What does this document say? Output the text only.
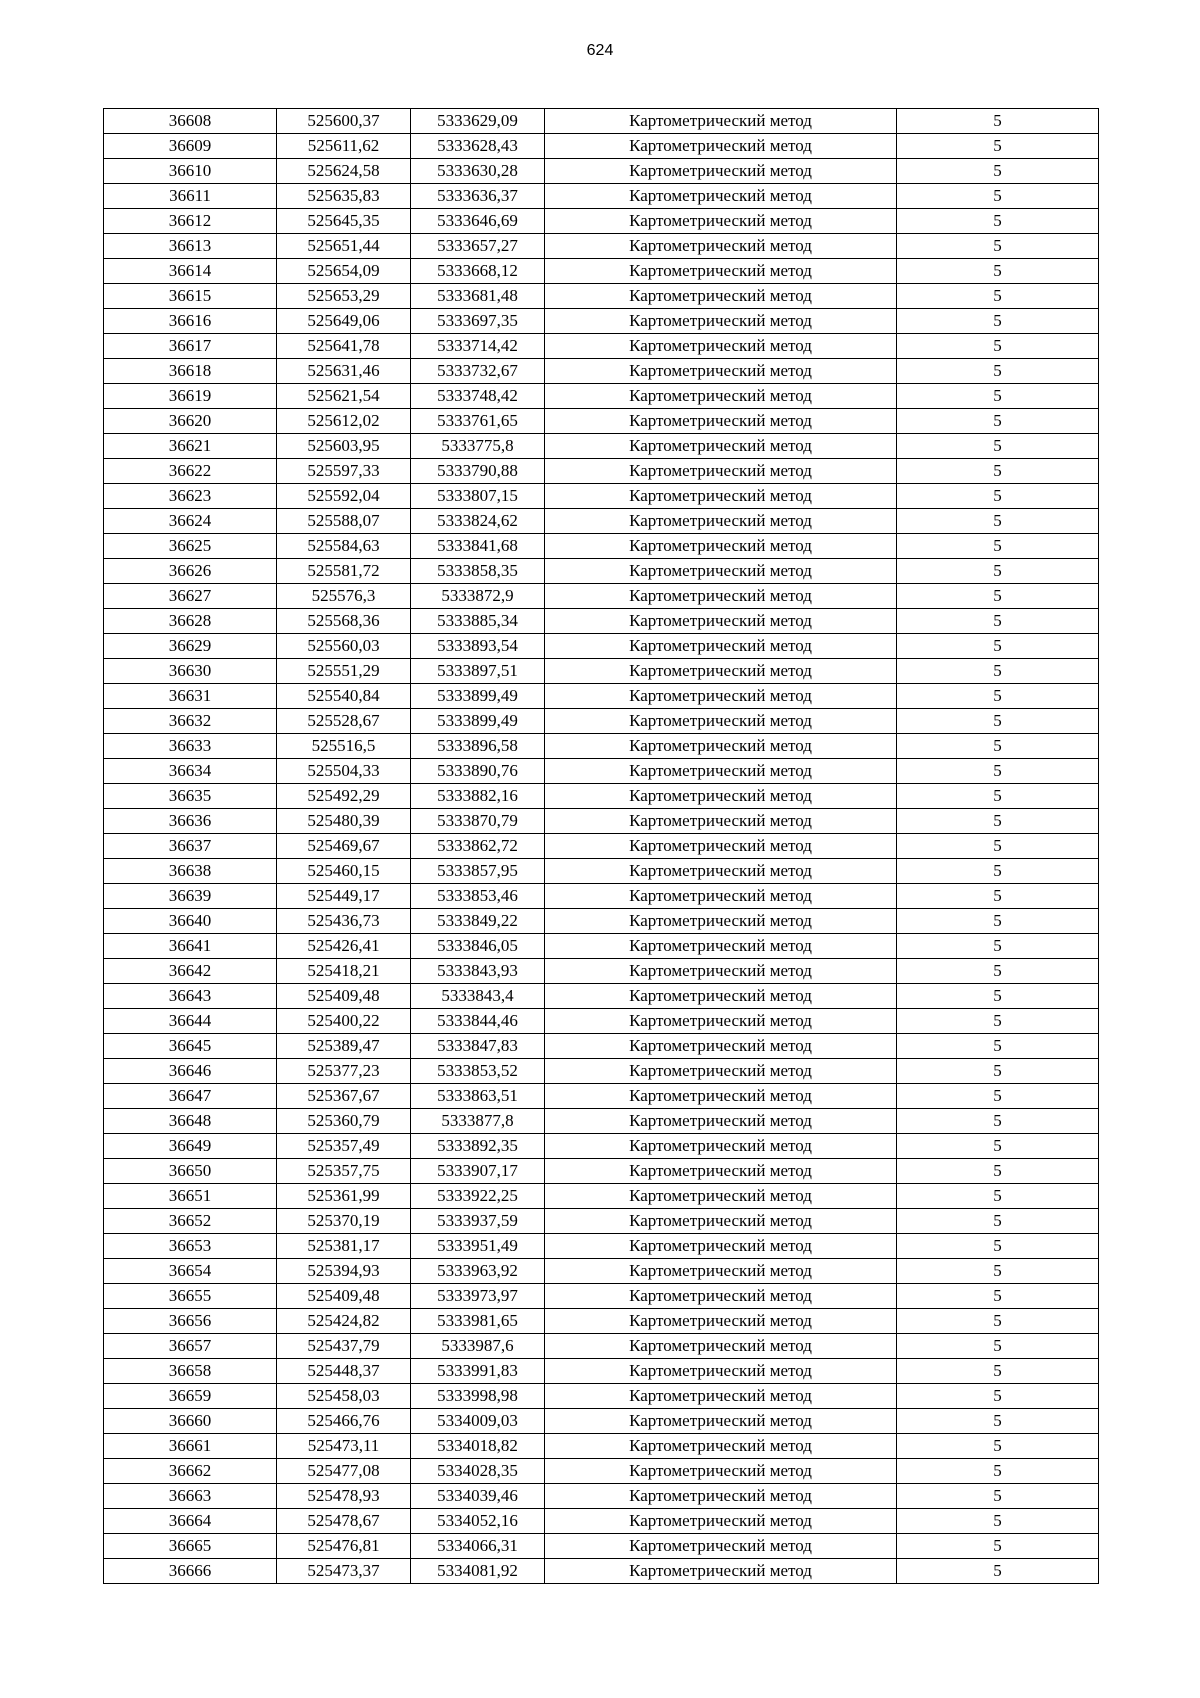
624
36608	525600,37	5333629,09	Картометрический метод	5
36609	525611,62	5333628,43	Картометрический метод	5
36610	525624,58	5333630,28	Картометрический метод	5
36611	525635,83	5333636,37	Картометрический метод	5
36612	525645,35	5333646,69	Картометрический метод	5
36613	525651,44	5333657,27	Картометрический метод	5
36614	525654,09	5333668,12	Картометрический метод	5
36615	525653,29	5333681,48	Картометрический метод	5
36616	525649,06	5333697,35	Картометрический метод	5
36617	525641,78	5333714,42	Картометрический метод	5
36618	525631,46	5333732,67	Картометрический метод	5
36619	525621,54	5333748,42	Картометрический метод	5
36620	525612,02	5333761,65	Картометрический метод	5
36621	525603,95	5333775,8	Картометрический метод	5
36622	525597,33	5333790,88	Картометрический метод	5
36623	525592,04	5333807,15	Картометрический метод	5
36624	525588,07	5333824,62	Картометрический метод	5
36625	525584,63	5333841,68	Картометрический метод	5
36626	525581,72	5333858,35	Картометрический метод	5
36627	525576,3	5333872,9	Картометрический метод	5
36628	525568,36	5333885,34	Картометрический метод	5
36629	525560,03	5333893,54	Картометрический метод	5
36630	525551,29	5333897,51	Картометрический метод	5
36631	525540,84	5333899,49	Картометрический метод	5
36632	525528,67	5333899,49	Картометрический метод	5
36633	525516,5	5333896,58	Картометрический метод	5
36634	525504,33	5333890,76	Картометрический метод	5
36635	525492,29	5333882,16	Картометрический метод	5
36636	525480,39	5333870,79	Картометрический метод	5
36637	525469,67	5333862,72	Картометрический метод	5
36638	525460,15	5333857,95	Картометрический метод	5
36639	525449,17	5333853,46	Картометрический метод	5
36640	525436,73	5333849,22	Картометрический метод	5
36641	525426,41	5333846,05	Картометрический метод	5
36642	525418,21	5333843,93	Картометрический метод	5
36643	525409,48	5333843,4	Картометрический метод	5
36644	525400,22	5333844,46	Картометрический метод	5
36645	525389,47	5333847,83	Картометрический метод	5
36646	525377,23	5333853,52	Картометрический метод	5
36647	525367,67	5333863,51	Картометрический метод	5
36648	525360,79	5333877,8	Картометрический метод	5
36649	525357,49	5333892,35	Картометрический метод	5
36650	525357,75	5333907,17	Картометрический метод	5
36651	525361,99	5333922,25	Картометрический метод	5
36652	525370,19	5333937,59	Картометрический метод	5
36653	525381,17	5333951,49	Картометрический метод	5
36654	525394,93	5333963,92	Картометрический метод	5
36655	525409,48	5333973,97	Картометрический метод	5
36656	525424,82	5333981,65	Картометрический метод	5
36657	525437,79	5333987,6	Картометрический метод	5
36658	525448,37	5333991,83	Картометрический метод	5
36659	525458,03	5333998,98	Картометрический метод	5
36660	525466,76	5334009,03	Картометрический метод	5
36661	525473,11	5334018,82	Картометрический метод	5
36662	525477,08	5334028,35	Картометрический метод	5
36663	525478,93	5334039,46	Картометрический метод	5
36664	525478,67	5334052,16	Картометрический метод	5
36665	525476,81	5334066,31	Картометрический метод	5
36666	525473,37	5334081,92	Картометрический метод	5
